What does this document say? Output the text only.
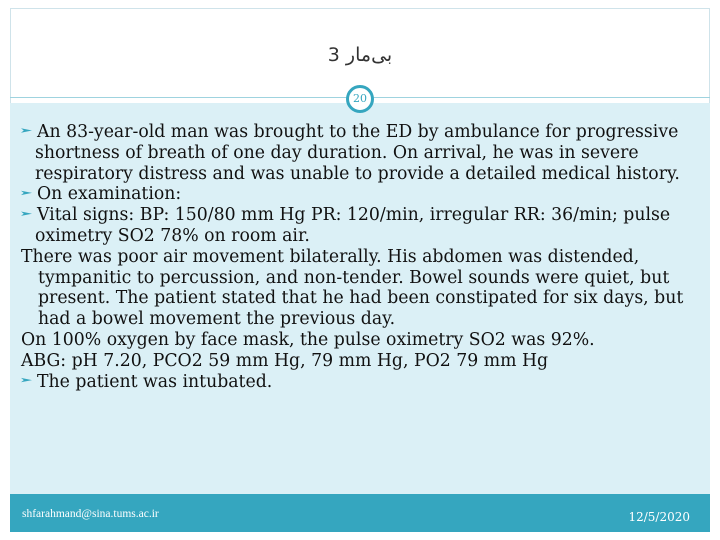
بی‌مار 3
20
An 83-year-old man was brought to the ED by ambulance for progressive shortness of breath of one day duration. On arrival, he was in severe respiratory distress and was unable to provide a detailed medical history.
On examination:
Vital signs: BP: 150/80 mm Hg PR: 120/min, irregular RR: 36/min; pulse oximetry SO2 78% on room air.
There was poor air movement bilaterally. His abdomen was distended, tympanitic to percussion, and non-tender. Bowel sounds were quiet, but present. The patient stated that he had been constipated for six days, but had a bowel movement the previous day.
On 100% oxygen by face mask, the pulse oximetry SO2 was 92%.
ABG: pH 7.20, PCO2 59 mm Hg, 79 mm Hg, PO2 79 mm Hg
The patient was intubated.
shfarahmand@sina.tums.ac.ir	12/5/2020
